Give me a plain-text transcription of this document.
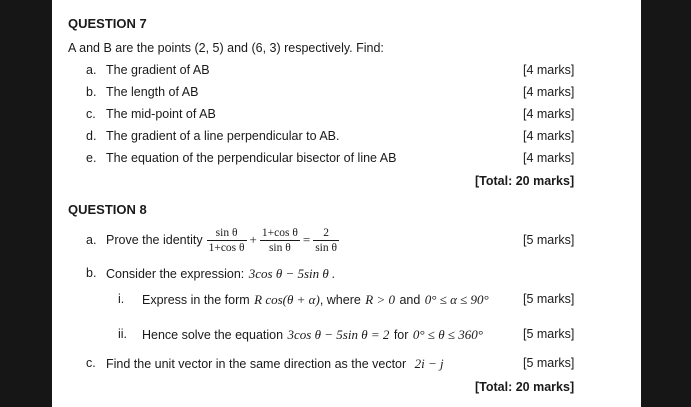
QUESTION 7
A and B are the points (2, 5) and (6, 3) respectively. Find:
a. The gradient of AB	[4 marks]
b. The length of AB	[4 marks]
c. The mid-point of AB	[4 marks]
d. The gradient of a line perpendicular to AB.	[4 marks]
e. The equation of the perpendicular bisector of line AB	[4 marks]
[Total: 20 marks]
QUESTION 8
a. Prove the identity $\frac{\text{sin θ}}{\text{1+cos θ}} + \frac{\text{1+cos θ}}{\text{sin θ}} = \frac{2}{\text{sin θ}}$	[5 marks]
b. Consider the expression: 3cos θ − 5sin θ .
i. Express in the form R cos(θ + α), where R > 0 and 0° ≤ α ≤ 90°	[5 marks]
ii. Hence solve the equation 3cos θ − 5sin θ = 2 for 0° ≤ θ ≤ 360°	[5 marks]
c. Find the unit vector in the same direction as the vector 2i − j	[5 marks]
[Total: 20 marks]
